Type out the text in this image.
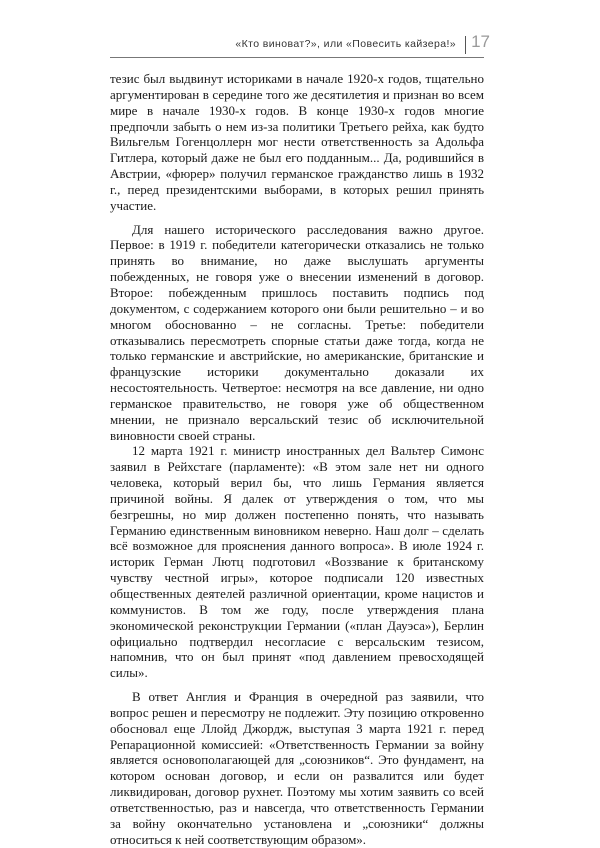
«Кто виноват?», или «Повесить кайзера!» 17

тезис был выдвинут историками в начале 1920-х годов, тщательно аргументирован в середине того же десятилетия и признан во всем мире в начале 1930-х годов. В конце 1930-х годов многие предпочли забыть о нем из-за политики Третьего рейха, как будто Вильгельм Гогенцоллерн мог нести ответственность за Адольфа Гитлера, который даже не был его подданным... Да, родившийся в Австрии, «фюрер» получил германское гражданство лишь в 1932 г., перед президентскими выборами, в которых решил принять участие.

Для нашего исторического расследования важно другое. Первое: в 1919 г. победители категорически отказались не только принять во внимание, но даже выслушать аргументы побежденных, не говоря уже о внесении изменений в договор. Второе: побежденным пришлось поставить подпись под документом, с содержанием которого они были решительно – и во многом обоснованно – не согласны. Третье: победители отказывались пересмотреть спорные статьи даже тогда, когда не только германские и австрийские, но американские, британские и французские историки документально доказали их несостоятельность. Четвертое: несмотря на все давление, ни одно германское правительство, не говоря уже об общественном мнении, не признало версальский тезис об исключительной виновности своей страны.

12 марта 1921 г. министр иностранных дел Вальтер Симонс заявил в Рейхстаге (парламенте): «В этом зале нет ни одного человека, который верил бы, что лишь Германия является причиной войны. Я далек от утверждения о том, что мы безгрешны, но мир должен постепенно понять, что называть Германию единственным виновником неверно. Наш долг – сделать всё возможное для прояснения данного вопроса». В июле 1924 г. историк Герман Лютц подготовил «Воззвание к британскому чувству честной игры», которое подписали 120 известных общественных деятелей различной ориентации, кроме нацистов и коммунистов. В том же году, после утверждения плана экономической реконструкции Германии («план Дауэса»), Берлин официально подтвердил несогласие с версальским тезисом, напомнив, что он был принят «под давлением превосходящей силы».

В ответ Англия и Франция в очередной раз заявили, что вопрос решен и пересмотру не подлежит. Эту позицию откровенно обосновал еще Ллойд Джордж, выступая 3 марта 1921 г. перед Репарационной комиссией: «Ответственность Германии за войну является основополагающей для „союзников“. Это фундамент, на котором основан договор, и если он развалится или будет ликвидирован, договор рухнет. Поэтому мы хотим заявить со всей ответственностью, раз и навсегда, что ответственность Германии за войну окончательно установлена и „союзники“ должны относиться к ней соответствующим образом».
